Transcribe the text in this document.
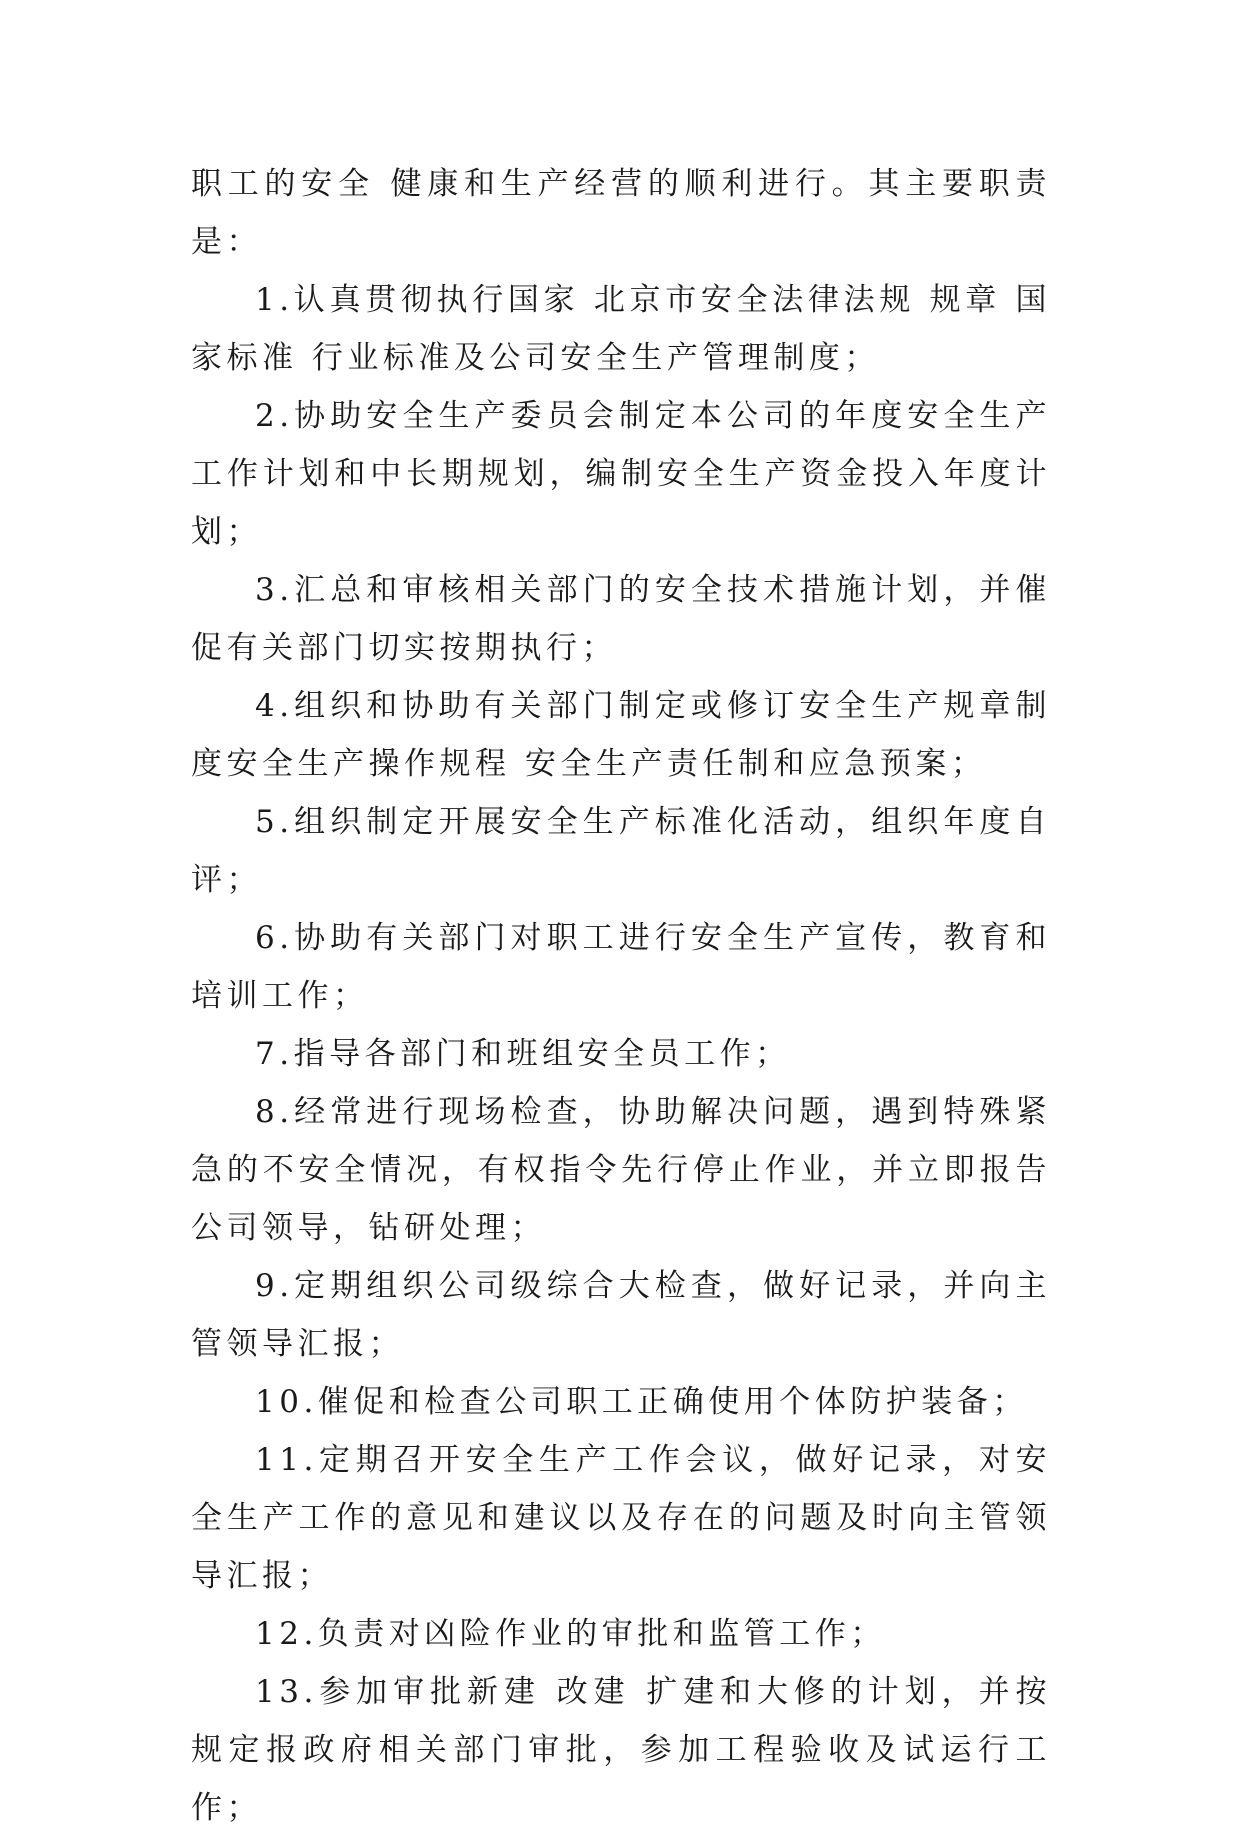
职工的安全 健康和生产经营的顺利进行。其主要职责是：

1.认真贯彻执行国家 北京市安全法律法规 规章 国家标准 行业标准及公司安全生产管理制度；

2.协助安全生产委员会制定本公司的年度安全生产工作计划和中长期规划，编制安全生产资金投入年度计划；

3.汇总和审核相关部门的安全技术措施计划，并催促有关部门切实按期执行；

4.组织和协助有关部门制定或修订安全生产规章制度安全生产操作规程 安全生产责任制和应急预案；

5.组织制定开展安全生产标准化活动，组织年度自评；

6.协助有关部门对职工进行安全生产宣传，教育和培训工作；

7.指导各部门和班组安全员工作；

8.经常进行现场检查，协助解决问题，遇到特殊紧急的不安全情况，有权指令先行停止作业，并立即报告公司领导，钻研处理；

9.定期组织公司级综合大检查，做好记录，并向主管领导汇报；

10.催促和检查公司职工正确使用个体防护装备；

11.定期召开安全生产工作会议，做好记录，对安全生产工作的意见和建议以及存在的问题及时向主管领导汇报；

12.负责对凶险作业的审批和监管工作；

13.参加审批新建 改建 扩建和大修的计划，并按规定报政府相关部门审批，参加工程验收及试运行工作；
